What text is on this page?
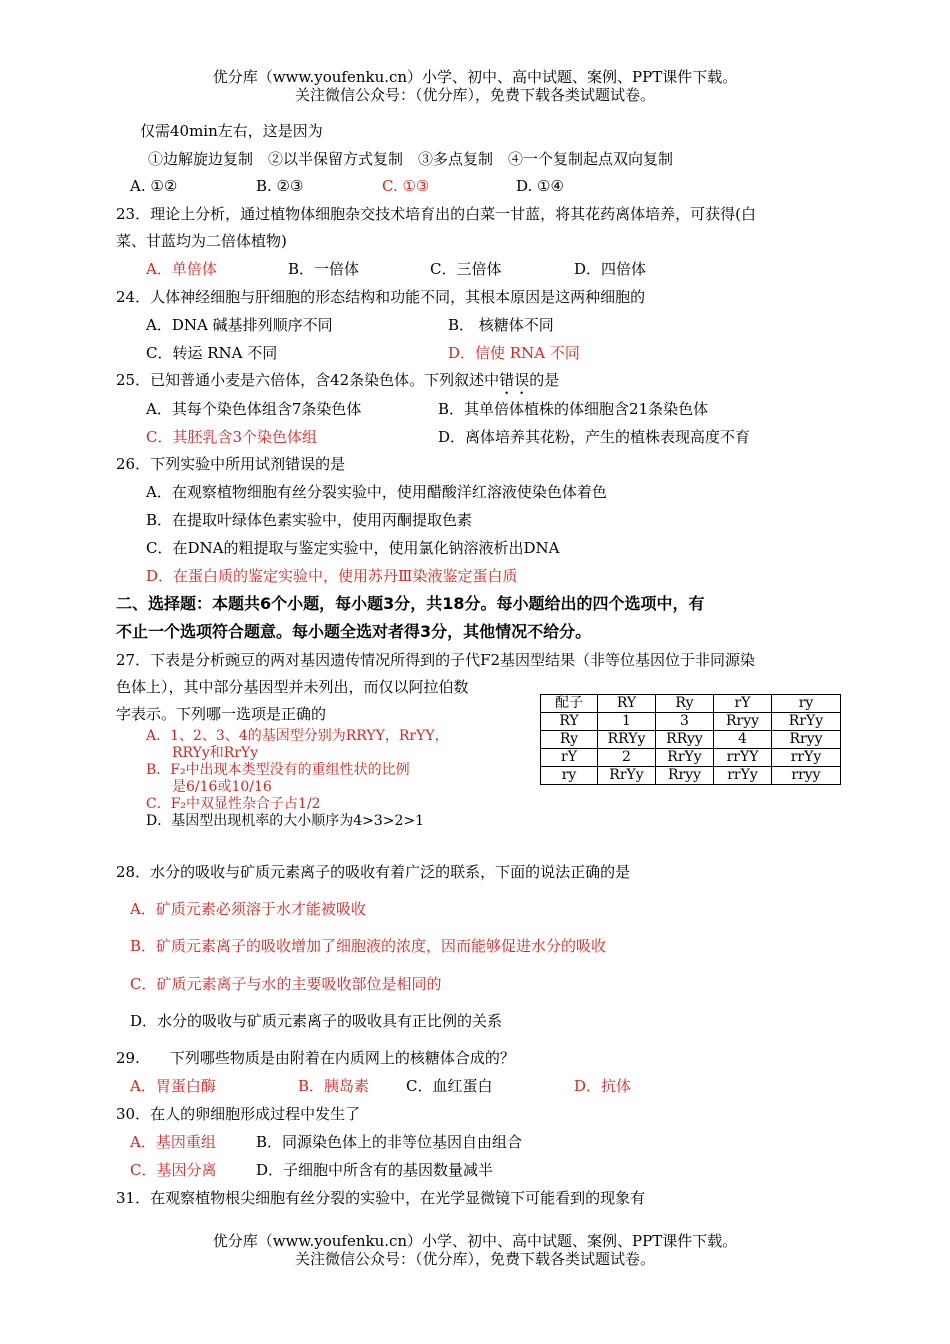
优分库（www.youfenku.cn）小学、初中、高中试题、案例、PPT课件下载。
关注微信公众号：（优分库），免费下载各类试题试卷。
仅需40min左右，这是因为
①边解旋边复制　②以半保留方式复制　③多点复制　④一个复制起点双向复制
A. ①②	B. ②③	C. ①③	D. ①④
23．理论上分析，通过植物体细胞杂交技术培育出的白菜一甘蓝，将其花药离体培养，可获得(白
菜、甘蓝均为二倍体植物)
A．单倍体	B．一倍体	C．三倍体	D．四倍体
24．人体神经细胞与肝细胞的形态结构和功能不同，其根本原因是这两种细胞的
A．DNA 碱基排列顺序不同	B． 核糖体不同
C．转运 RNA 不同	D．信使 RNA 不同
25．已知普通小麦是六倍体，含42条染色体。下列叙述中错误的是
A．其每个染色体组含7条染色体	B．其单倍体植株的体细胞含21条染色体
C．其胚乳含3个染色体组	D．离体培养其花粉，产生的植株表现高度不育
26．下列实验中所用试剂错误的是
A．在观察植物细胞有丝分裂实验中，使用醋酸洋红溶液使染色体着色
B．在提取叶绿体色素实验中，使用丙酮提取色素
C．在DNA的粗提取与鉴定实验中，使用氯化钠溶液析出DNA
D．在蛋白质的鉴定实验中，使用苏丹Ⅲ染液鉴定蛋白质
二、选择题：本题共6个小题，每小题3分，共18分。每小题给出的四个选项中，有
不止一个选项符合题意。每小题全选对者得3分，其他情况不给分。
27．下表是分析豌豆的两对基因遗传情况所得到的子代F2基因型结果（非等位基因位于非同源染
色体上），其中部分基因型并未列出，而仅以阿拉伯数
字表示。下列哪一选项是正确的
A．1、2、3、4的基因型分别为RRYY，RrYY，
RRYy和RrYy
B．F₂中出现本类型没有的重组性状的比例
是6/16或10/16
C．F₂中双显性杂合子占1/2
D．基因型出现机率的大小顺序为4>3>2>1
配子	RY	Ry	rY	ry
RY	1	3	Rryy	RrYy
Ry	RRYy	RRyy	4	Rryy
rY	2	RrYy	rrYY	rrYy
ry	RrYy	Rryy	rrYy	rryy
28．水分的吸收与矿质元素离子的吸收有着广泛的联系，下面的说法正确的是
A．矿质元素必须溶于水才能被吸收
B．矿质元素离子的吸收增加了细胞液的浓度，因而能够促进水分的吸收
C．矿质元素离子与水的主要吸收部位是相同的
D．水分的吸收与矿质元素离子的吸收具有正比例的关系
29.　　下列哪些物质是由附着在内质网上的核糖体合成的？
A．胃蛋白酶	B．胰岛素 C．血红蛋白	D．抗体
30．在人的卵细胞形成过程中发生了
A．基因重组	B．同源染色体上的非等位基因自由组合
C．基因分离	D．子细胞中所含有的基因数量减半
31．在观察植物根尖细胞有丝分裂的实验中，在光学显微镜下可能看到的现象有
优分库（www.youfenku.cn）小学、初中、高中试题、案例、PPT课件下载。
关注微信公众号：（优分库），免费下载各类试题试卷。
